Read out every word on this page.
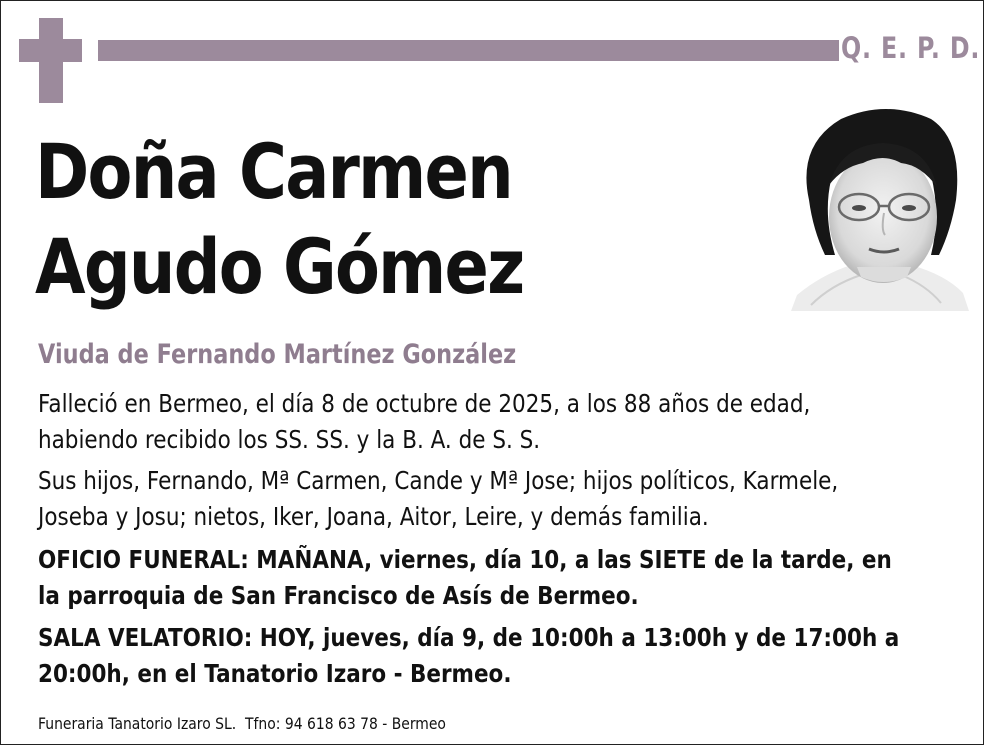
Q. E. P. D.
Doña Carmen
Agudo Gómez
Viuda de Fernando Martínez González
Falleció en Bermeo, el día 8 de octubre de 2025, a los 88 años de edad,
habiendo recibido los SS. SS. y la B. A. de S. S.
Sus hijos, Fernando, Mª Carmen, Cande y Mª Jose; hijos políticos, Karmele,
Joseba y Josu; nietos, Iker, Joana, Aitor, Leire, y demás familia.
OFICIO FUNERAL: MAÑANA, viernes, día 10, a las SIETE de la tarde, en
la parroquia de San Francisco de Asís de Bermeo.
SALA VELATORIO: HOY, jueves, día 9, de 10:00h a 13:00h y de 17:00h a
20:00h, en el Tanatorio Izaro - Bermeo.
Funeraria Tanatorio Izaro SL.  Tfno: 94 618 63 78 - Bermeo
